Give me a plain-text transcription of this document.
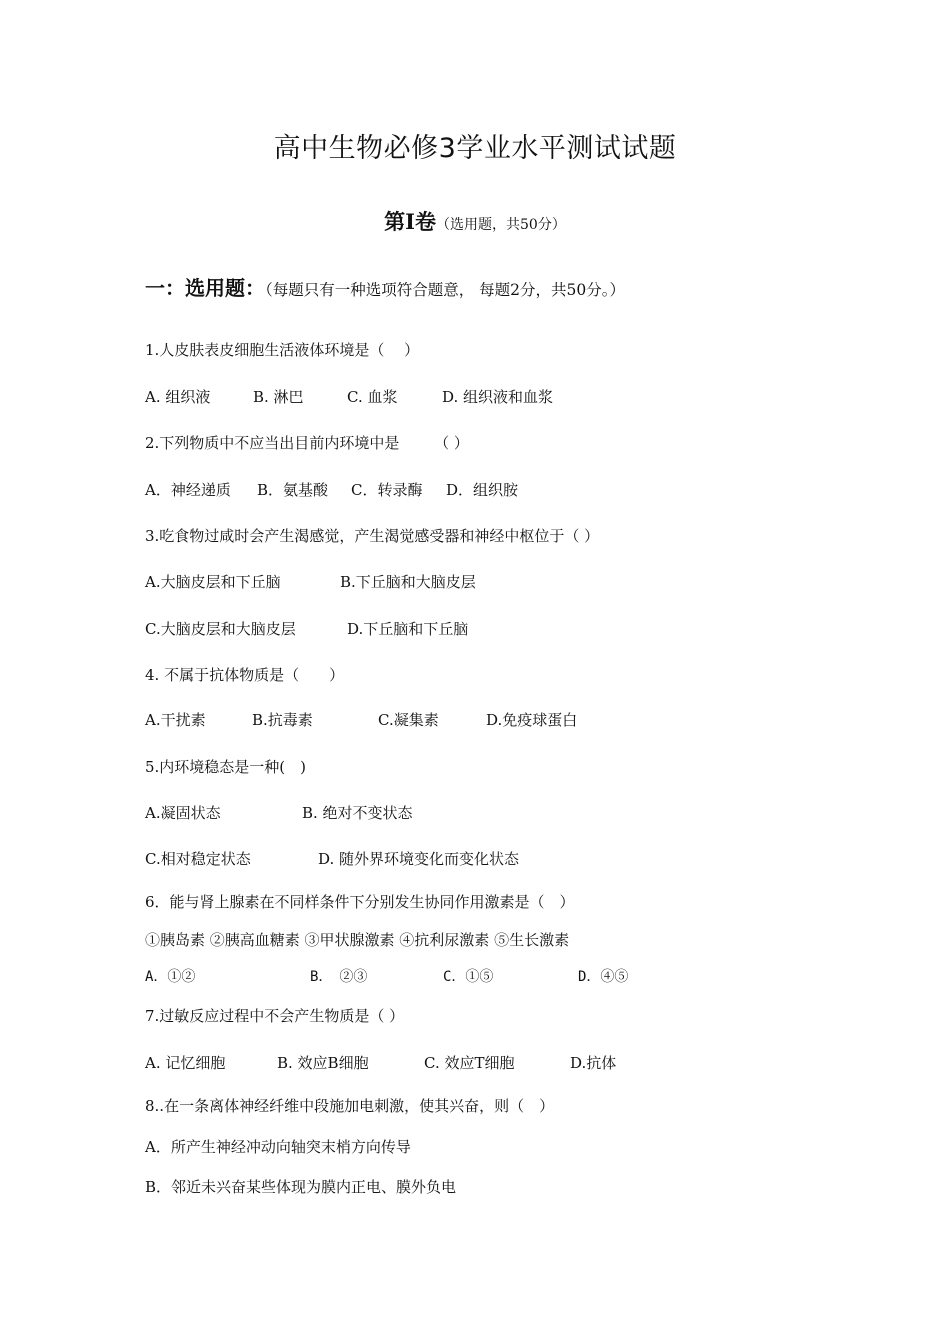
高中生物必修3学业水平测试试题
第Ⅰ卷（选用题，共50分）
一：选用题：（每题只有一种选项符合题意， 每题2分，共50分。）
1.人皮肤表皮细胞生活液体环境是（　 ）
A. 组织液	B. 淋巴	C. 血浆	D. 组织液和血浆
2.下列物质中不应当出目前内环境中是　　 （ ）
A．神经递质 B．氨基酸 C．转录酶 D．组织胺
3.吃食物过咸时会产生渴感觉，产生渴觉感受器和神经中枢位于（ ）
A.大脑皮层和下丘脑	B.下丘脑和大脑皮层
C.大脑皮层和大脑皮层	D.下丘脑和下丘脑
4. 不属于抗体物质是（　　）
A.干扰素	B.抗毒素	C.凝集素	D.免疫球蛋白
5.内环境稳态是一种(　)
A.凝固状态	B. 绝对不变状态
C.相对稳定状态	D. 随外界环境变化而变化状态
6．能与肾上腺素在不同样条件下分别发生协同作用激素是（　）
①胰岛素 ②胰高血糖素 ③甲状腺激素 ④抗利尿激素 ⑤生长激素
A．①②	B．　②③	C．①⑤	D．④⑤
7.过敏反应过程中不会产生物质是（ ）
A. 记忆细胞	B. 效应B细胞	C. 效应T细胞	D.抗体
8..在一条离体神经纤维中段施加电刺激，使其兴奋，则（　）
A．所产生神经冲动向轴突末梢方向传导
B．邻近未兴奋某些体现为膜内正电、膜外负电
